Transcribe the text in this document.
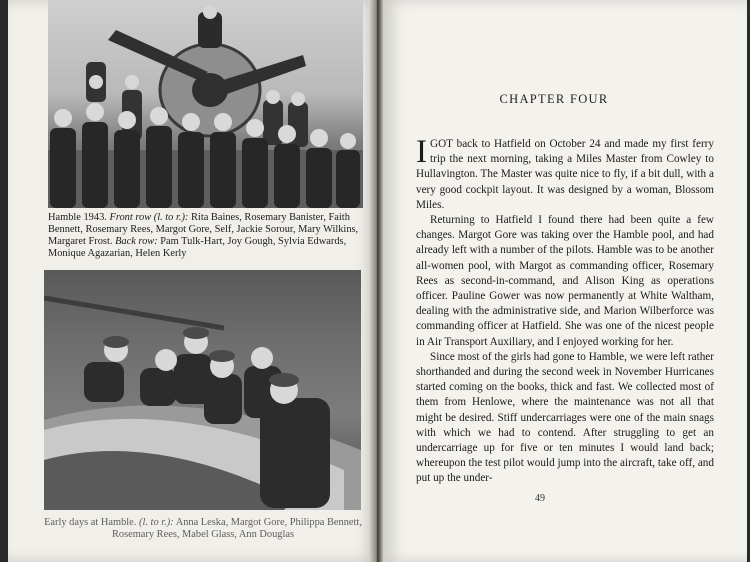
Hamble 1943. Front row (l. to r.): Rita Baines, Rosemary Banister, Faith Bennett, Rosemary Rees, Margot Gore, Self, Jackie Sorour, Mary Wilkins, Margaret Frost. Back row: Pam Tulk-Hart, Joy Gough, Sylvia Edwards, Monique Agazarian, Helen Kerly
Early days at Hamble. (l. to r.): Anna Leska, Margot Gore, Philippa Bennett, Rosemary Rees, Mabel Glass, Ann Douglas
CHAPTER FOUR

IGOT back to Hatfield on October 24 and made my first ferry trip the next morning, taking a Miles Master from Cowley to Hullavington. The Master was quite nice to fly, if a bit dull, with a very good cockpit layout. It was designed by a woman, Blossom Miles.

Returning to Hatfield I found there had been quite a few changes. Margot Gore was taking over the Hamble pool, and had already left with a number of the pilots. Hamble was to be another all-women pool, with Margot as commanding officer, Rosemary Rees as second-in-command, and Alison King as operations officer. Pauline Gower was now permanently at White Waltham, dealing with the administrative side, and Marion Wilberforce was commanding officer at Hatfield. She was one of the nicest people in Air Transport Auxiliary, and I enjoyed working for her.

Since most of the girls had gone to Hamble, we were left rather shorthanded and during the second week in November Hurricanes started coming on the books, thick and fast. We collected most of them from Henlowe, where the maintenance was not all that might be desired. Stiff undercarriages were one of the main snags with which we had to contend. After struggling to get an undercarriage up for five or ten minutes I would land back; whereupon the test pilot would jump into the aircraft, take off, and put up the under-

49
